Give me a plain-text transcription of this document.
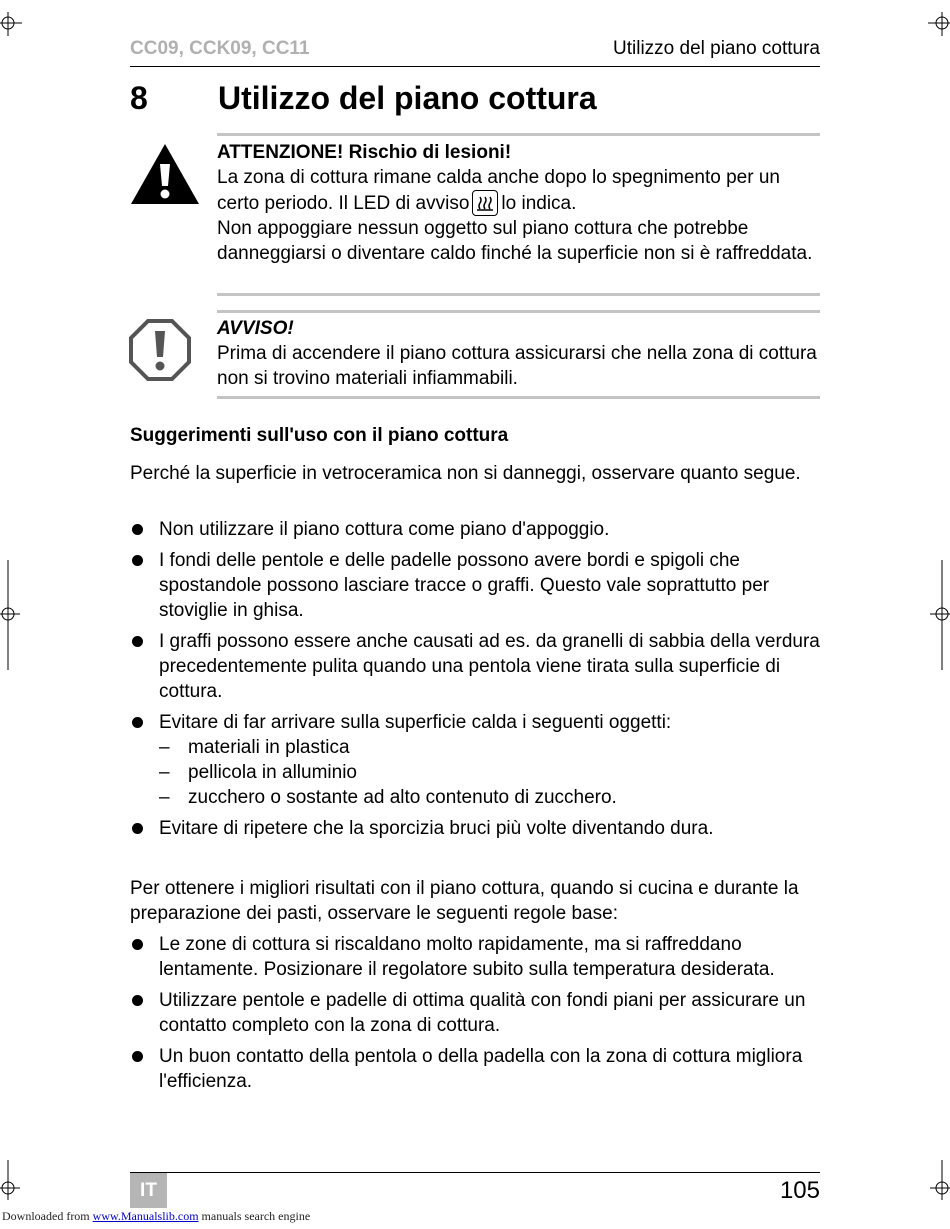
CC09, CCK09, CC11	Utilizzo del piano cottura
8 Utilizzo del piano cottura
ATTENZIONE! Rischio di lesioni!
La zona di cottura rimane calda anche dopo lo spegnimento per un certo periodo. Il LED di avviso lo indica.
Non appoggiare nessun oggetto sul piano cottura che potrebbe danneggiarsi o diventare caldo finché la superficie non si è raffreddata.
AVVISO!
Prima di accendere il piano cottura assicurarsi che nella zona di cottura non si trovino materiali infiammabili.
Suggerimenti sull'uso con il piano cottura
Perché la superficie in vetroceramica non si danneggi, osservare quanto segue.
Non utilizzare il piano cottura come piano d'appoggio.
I fondi delle pentole e delle padelle possono avere bordi e spigoli che spostandole possono lasciare tracce o graffi. Questo vale soprattutto per stoviglie in ghisa.
I graffi possono essere anche causati ad es. da granelli di sabbia della verdura precedentemente pulita quando una pentola viene tirata sulla superficie di cottura.
Evitare di far arrivare sulla superficie calda i seguenti oggetti:
– materiali in plastica
– pellicola in alluminio
– zucchero o sostante ad alto contenuto di zucchero.
Evitare di ripetere che la sporcizia bruci più volte diventando dura.
Per ottenere i migliori risultati con il piano cottura, quando si cucina e durante la preparazione dei pasti, osservare le seguenti regole base:
Le zone di cottura si riscaldano molto rapidamente, ma si raffreddano lentamente. Posizionare il regolatore subito sulla temperatura desiderata.
Utilizzare pentole e padelle di ottima qualità con fondi piani per assicurare un contatto completo con la zona di cottura.
Un buon contatto della pentola o della padella con la zona di cottura migliora l'efficienza.
IT	105
Downloaded from www.Manualslib.com manuals search engine
